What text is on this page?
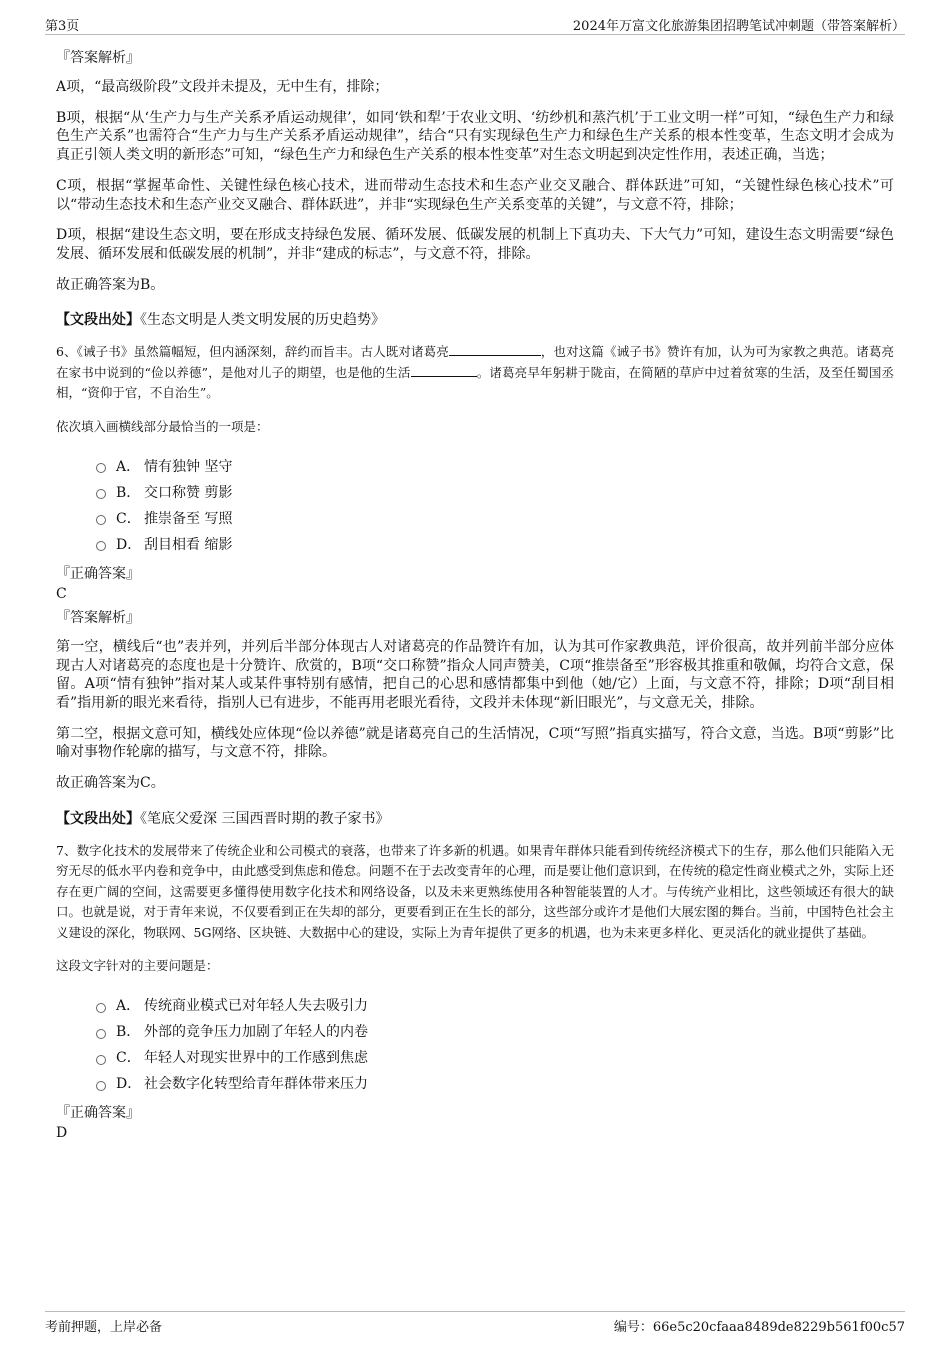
第3页	2024年万富文化旅游集团招聘笔试冲刺题（带答案解析）
『答案解析』

A项，“最高级阶段”文段并未提及，无中生有，排除；

B项，根据“从‘生产力与生产关系矛盾运动规律’，如同‘铁和犁’于农业文明、‘纺纱机和蒸汽机’于工业文明一样”可知，“绿色生产力和绿色生产关系”也需符合“生产力与生产关系矛盾运动规律”，结合“只有实现绿色生产力和绿色生产关系的根本性变革，生态文明才会成为真正引领人类文明的新形态”可知，“绿色生产力和绿色生产关系的根本性变革”对生态文明起到决定性作用，表述正确，当选；

C项，根据“掌握革命性、关键性绿色核心技术，进而带动生态技术和生态产业交叉融合、群体跃进”可知，“关键性绿色核心技术”可以“带动生态技术和生态产业交叉融合、群体跃进”，并非“实现绿色生产关系变革的关键”，与文意不符，排除；

D项，根据“建设生态文明，要在形成支持绿色发展、循环发展、低碳发展的机制上下真功夫、下大气力”可知，建设生态文明需要“绿色发展、循环发展和低碳发展的机制”，并非“建成的标志”，与文意不符，排除。

故正确答案为B。

【文段出处】《生态文明是人类文明发展的历史趋势》

6、《诫子书》虽然篇幅短，但内涵深刻，辞约而旨丰。古人既对诸葛亮	，也对这篇《诫子书》赞许有加，认为可为家教之典范。诸葛亮在家书中说到的“俭以养德”，是他对儿子的期望，也是他的生活	。诸葛亮早年躬耕于陇亩，在简陋的草庐中过着贫寒的生活，及至任蜀国丞相，“资仰于官，不自治生”。

依次填入画横线部分最恰当的一项是：

A． 情有独钟 坚守
B． 交口称赞 剪影
C． 推崇备至 写照
D． 刮目相看 缩影
『正确答案』
C
『答案解析』

第一空，横线后“也”表并列，并列后半部分体现古人对诸葛亮的作品赞许有加，认为其可作家教典范，评价很高，故并列前半部分应体现古人对诸葛亮的态度也是十分赞许、欣赏的，B项“交口称赞”指众人同声赞美，C项“推崇备至”形容极其推重和敬佩，均符合文意，保留。A项“情有独钟”指对某人或某件事特别有感情，把自己的心思和感情都集中到他（她/它）上面，与文意不符，排除；D项“刮目相看”指用新的眼光来看待，指别人已有进步，不能再用老眼光看待，文段并未体现“新旧眼光”，与文意无关，排除。

第二空，根据文意可知，横线处应体现“俭以养德”就是诸葛亮自己的生活情况，C项“写照”指真实描写，符合文意，当选。B项“剪影”比喻对事物作轮廓的描写，与文意不符，排除。

故正确答案为C。

【文段出处】《笔底父爱深 三国西晋时期的教子家书》

7、数字化技术的发展带来了传统企业和公司模式的衰落，也带来了许多新的机遇。如果青年群体只能看到传统经济模式下的生存，那么他们只能陷入无穷无尽的低水平内卷和竞争中，由此感受到焦虑和倦怠。问题不在于去改变青年的心理，而是要让他们意识到，在传统的稳定性商业模式之外，实际上还存在更广阔的空间，这需要更多懂得使用数字化技术和网络设备，以及未来更熟练使用各种智能装置的人才。与传统产业相比，这些领域还有很大的缺口。也就是说，对于青年来说，不仅要看到正在失却的部分，更要看到正在生长的部分，这些部分或许才是他们大展宏图的舞台。当前，中国特色社会主义建设的深化，物联网、5G网络、区块链、大数据中心的建设，实际上为青年提供了更多的机遇，也为未来更多样化、更灵活化的就业提供了基础。

这段文字针对的主要问题是：

A． 传统商业模式已对年轻人失去吸引力
B． 外部的竞争压力加剧了年轻人的内卷
C． 年轻人对现实世界中的工作感到焦虑
D． 社会数字化转型给青年群体带来压力
『正确答案』
D
考前押题，上岸必备	编号：66e5c20cfaaa8489de8229b561f00c57
